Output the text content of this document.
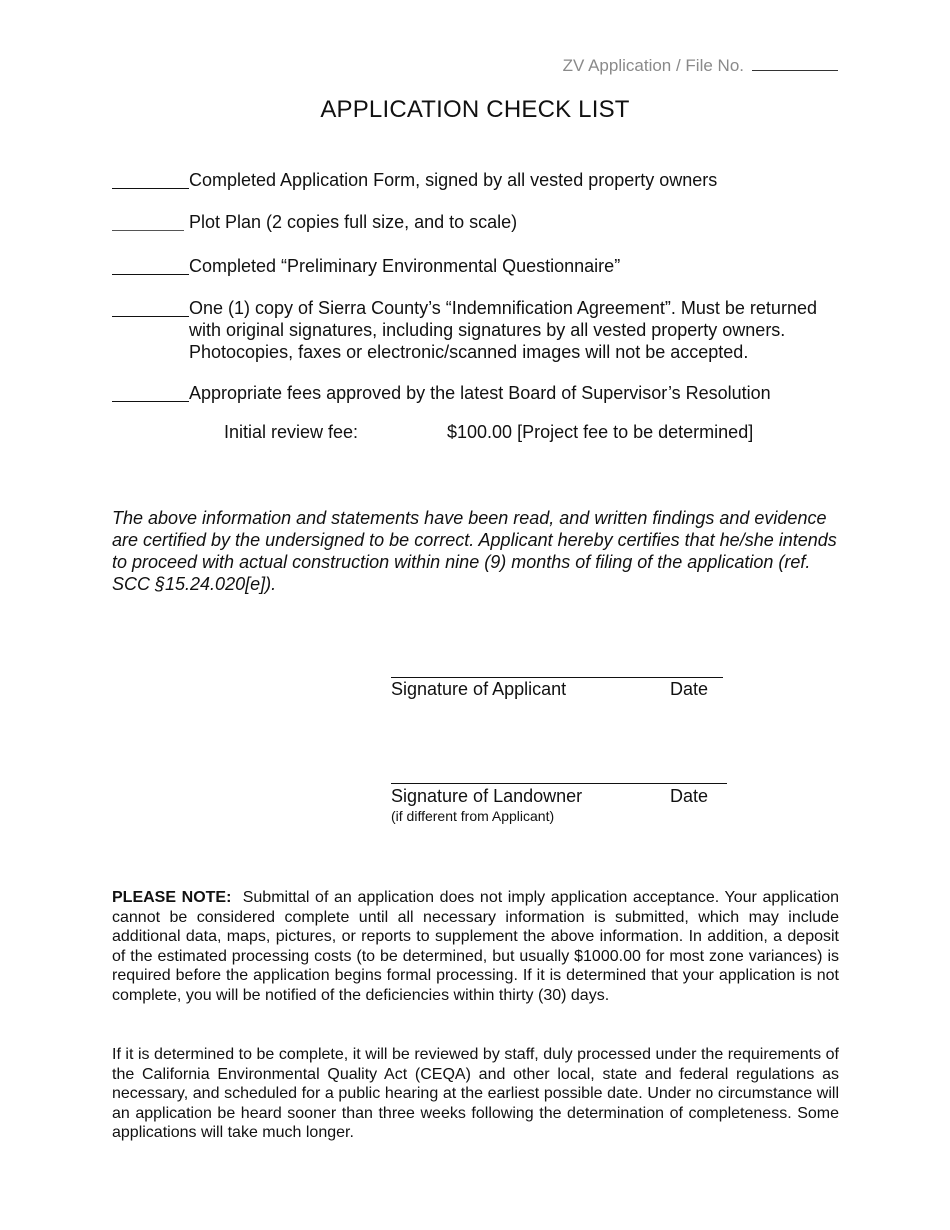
ZV Application / File No.
APPLICATION CHECK LIST
Completed Application Form, signed by all vested property owners
Plot Plan (2 copies full size, and to scale)
Completed “Preliminary Environmental Questionnaire”
One (1) copy of Sierra County’s “Indemnification Agreement”. Must be returned with original signatures, including signatures by all vested property owners. Photocopies, faxes or electronic/scanned images will not be accepted.
Appropriate fees approved by the latest Board of Supervisor’s Resolution
Initial review fee:	$100.00 [Project fee to be determined]
The above information and statements have been read, and written findings and evidence are certified by the undersigned to be correct. Applicant hereby certifies that he/she intends to proceed with actual construction within nine (9) months of filing of the application (ref. SCC §15.24.020[e]).
Signature of Applicant	Date
Signature of Landowner	Date
(if different from Applicant)
PLEASE NOTE: Submittal of an application does not imply application acceptance. Your application cannot be considered complete until all necessary information is submitted, which may include additional data, maps, pictures, or reports to supplement the above information. In addition, a deposit of the estimated processing costs (to be determined, but usually $1000.00 for most zone variances) is required before the application begins formal processing. If it is determined that your application is not complete, you will be notified of the deficiencies within thirty (30) days.
If it is determined to be complete, it will be reviewed by staff, duly processed under the requirements of the California Environmental Quality Act (CEQA) and other local, state and federal regulations as necessary, and scheduled for a public hearing at the earliest possible date. Under no circumstance will an application be heard sooner than three weeks following the determination of completeness. Some applications will take much longer.
